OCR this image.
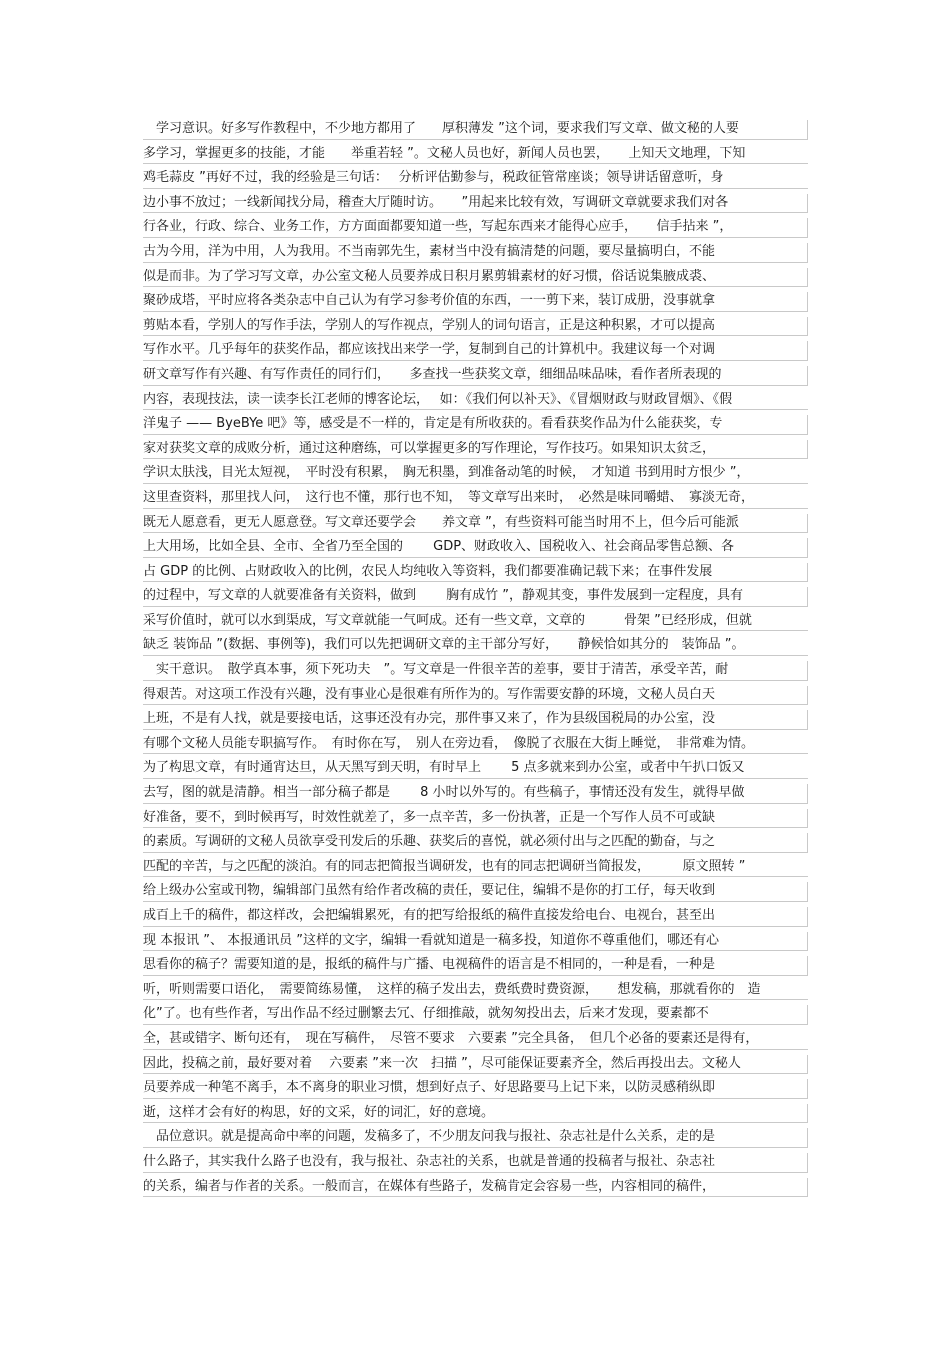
　学习意识。好多写作教程中，不少地方都用了　　厚积薄发 ”这个词，要求我们写文章、做文秘的人要
多学习，掌握更多的技能，才能　　举重若轻 ”。文秘人员也好，新闻人员也罢，　　上知天文地理，下知
鸡毛蒜皮 ”再好不过，我的经验是三句话：　 分析评估勤参与，税政征管常座谈；领导讲话留意听，身
边小事不放过；一线新闻找分局，稽查大厅随时访。　　”用起来比较有效，写调研文章就要求我们对各
行各业，行政、综合、业务工作，方方面面都要知道一些，写起东西来才能得心应手，　　信手拈来 ”，
古为今用，洋为中用，人为我用。不当南郭先生，素材当中没有搞清楚的问题，要尽量搞明白，不能
似是而非。为了学习写文章，办公室文秘人员要养成日积月累剪辑素材的好习惯，俗话说集腋成裘、
聚砂成塔，平时应将各类杂志中自己认为有学习参考价值的东西，一一剪下来，装订成册，没事就拿
剪贴本看，学别人的写作手法，学别人的写作视点，学别人的词句语言，正是这种积累，才可以提高
写作水平。几乎每年的获奖作品，都应该找出来学一学，复制到自己的计算机中。我建议每一个对调
研文章写作有兴趣、有写作责任的同行们，　　多查找一些获奖文章，细细品味品味，看作者所表现的
内容，表现技法，读一读李长江老师的博客论坛，　 如：《我们何以补天》、《冒烟财政与财政冒烟》、《假
洋鬼子 —— ByeBYe 吧》等，感受是不一样的，肯定是有所收获的。看看获奖作品为什么能获奖，专
家对获奖文章的成败分析，通过这种磨练，可以掌握更多的写作理论，写作技巧。如果知识太贫乏，
学识太肤浅，目光太短视，　平时没有积累，　胸无积墨，到准备动笔的时候，　才知道 书到用时方恨少 ”，
这里查资料，那里找人问，　这行也不懂，那行也不知，　等文章写出来时，　必然是味同嚼蜡、　寡淡无奇，
既无人愿意看，更无人愿意登。写文章还要学会　　养文章 ”，有些资料可能当时用不上，但今后可能派
上大用场，比如全县、全市、全省乃至全国的　　 GDP、财政收入、国税收入、社会商品零售总额、各
占 GDP 的比例、占财政收入的比例，农民人均纯收入等资料，我们都要准确记载下来；在事件发展
的过程中，写文章的人就要准备有关资料，做到　　 胸有成竹 ”，静观其变，事件发展到一定程度，具有
采写价值时，就可以水到渠成，写文章就能一气呵成。还有一些文章，文章的　　　骨架 ”已经形成，但就
缺乏 装饰品 ”(数据、事例等)，我们可以先把调研文章的主干部分写好，　　静候恰如其分的　装饰品 ”。
　实干意识。　散学真本事，须下死功夫　”。写文章是一件很辛苦的差事，要甘于清苦，承受辛苦，耐
得艰苦。对这项工作没有兴趣，没有事业心是很难有所作为的。写作需要安静的环境，文秘人员白天
上班，不是有人找，就是要接电话，这事还没有办完，那件事又来了，作为县级国税局的办公室，没
有哪个文秘人员能专职搞写作。　有时你在写，　别人在旁边看，　像脱了衣服在大街上睡觉，　非常难为情。
为了构思文章，有时通宵达旦，从天黑写到天明，有时早上　　 5 点多就来到办公室，或者中午扒口饭又
去写，图的就是清静。相当一部分稿子都是　　 8 小时以外写的。有些稿子，事情还没有发生，就得早做
好准备，要不，到时候再写，时效性就差了，多一点辛苦，多一份执著，正是一个写作人员不可或缺
的素质。写调研的文秘人员欲享受刊发后的乐趣、获奖后的喜悦，就必须付出与之匹配的勤奋，与之
匹配的辛苦，与之匹配的淡泊。有的同志把简报当调研发，也有的同志把调研当简报发，　　　原文照转 ”
给上级办公室或刊物，编辑部门虽然有给作者改稿的责任，要记住，编辑不是你的打工仔，每天收到
成百上千的稿件，都这样改，会把编辑累死，有的把写给报纸的稿件直接发给电台、电视台，甚至出
现 本报讯 ”、 本报通讯员 ”这样的文字，编辑一看就知道是一稿多投，知道你不尊重他们，哪还有心
思看你的稿子？需要知道的是，报纸的稿件与广播、电视稿件的语言是不相同的，一种是看，一种是
听，听则需要口语化，　需要简练易懂，　这样的稿子发出去，费纸费时费资源，　　想发稿，那就看你的　造
化”了。也有些作者，写出作品不经过删繁去冗、仔细推敲，就匆匆投出去，后来才发现，要素都不
全，甚或错字、断句还有，　现在写稿件，　尽管不要求　六要素 ”完全具备，　但几个必备的要素还是得有，
因此，投稿之前，最好要对着　 六要素 ”来一次　扫描 ”，尽可能保证要素齐全，然后再投出去。文秘人
员要养成一种笔不离手，本不离身的职业习惯，想到好点子、好思路要马上记下来，以防灵感稍纵即
逝，这样才会有好的构思，好的文采，好的词汇，好的意境。
　品位意识。就是提高命中率的问题，发稿多了，不少朋友问我与报社、杂志社是什么关系，走的是
什么路子，其实我什么路子也没有，我与报社、杂志社的关系，也就是普通的投稿者与报社、杂志社
的关系，编者与作者的关系。一般而言，在媒体有些路子，发稿肯定会容易一些，内容相同的稿件，
